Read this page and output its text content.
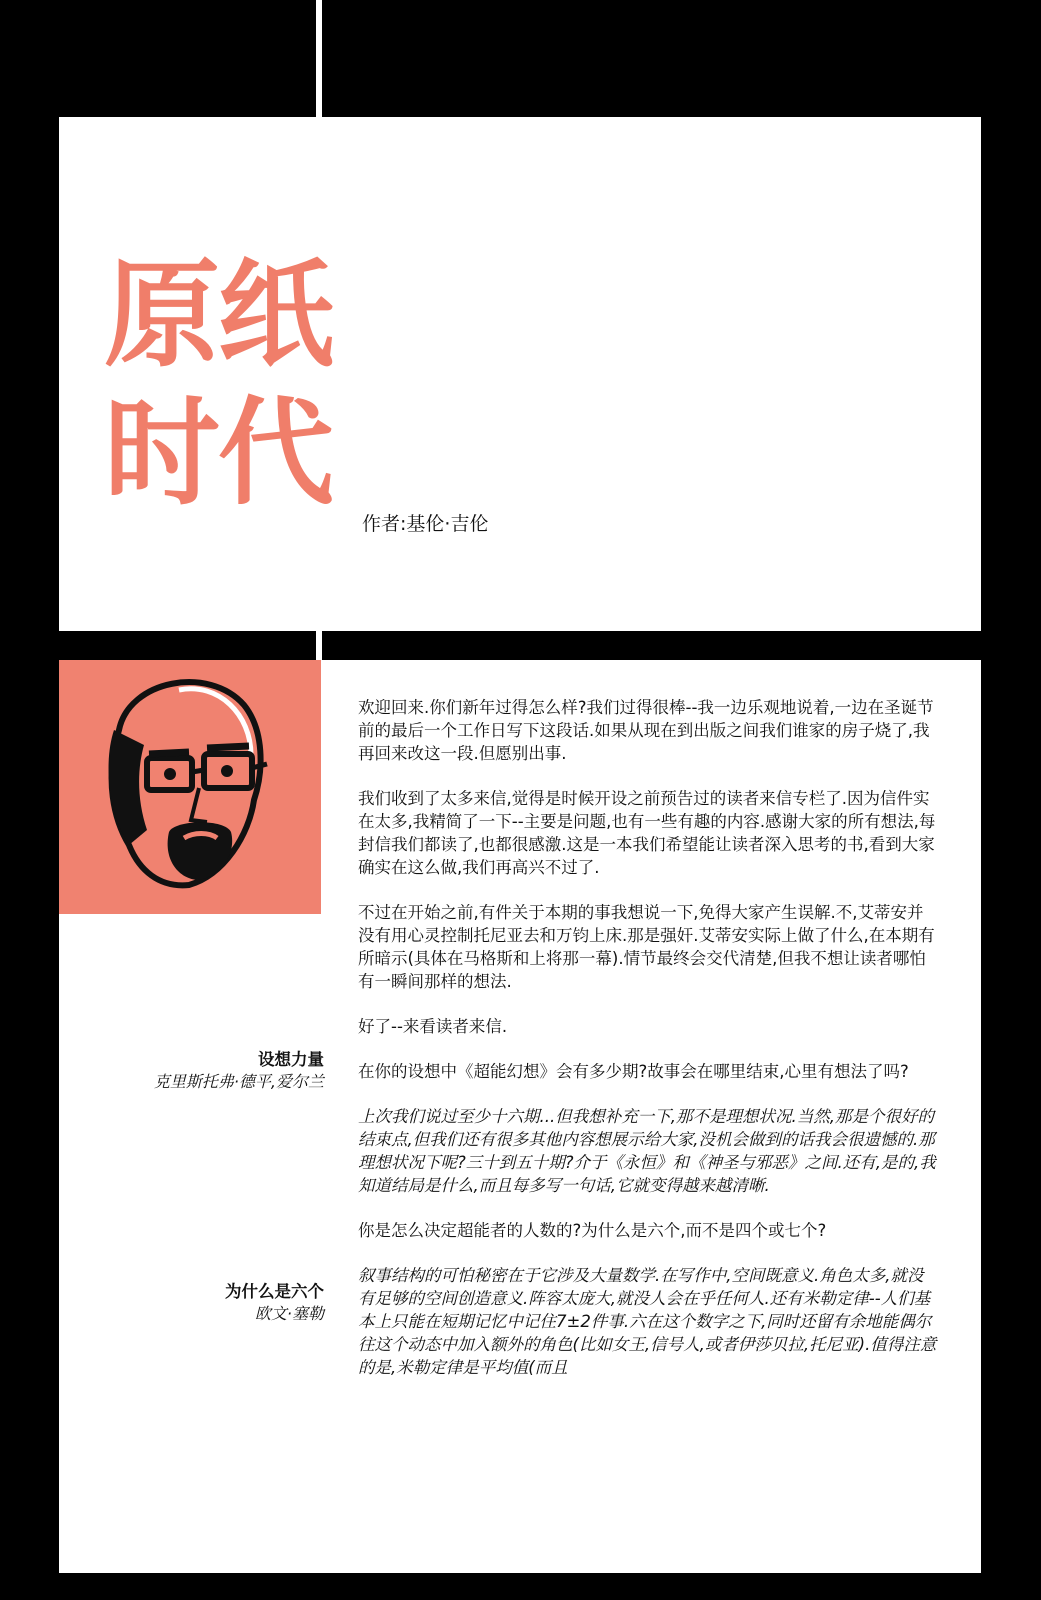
原纸
时代
作者:基伦·吉伦

欢迎回来.你们新年过得怎么样?我们过得很棒--我一边乐观地说着,一边在圣诞节前的最后一个工作日写下这段话.如果从现在到出版之间我们谁家的房子烧了,我再回来改这一段.但愿别出事.

我们收到了太多来信,觉得是时候开设之前预告过的读者来信专栏了.因为信件实在太多,我精简了一下--主要是问题,也有一些有趣的内容.感谢大家的所有想法,每封信我们都读了,也都很感激.这是一本我们希望能让读者深入思考的书,看到大家确实在这么做,我们再高兴不过了.

不过在开始之前,有件关于本期的事我想说一下,免得大家产生误解.不,艾蒂安并没有用心灵控制托尼亚去和万钧上床.那是强奸.艾蒂安实际上做了什么,在本期有所暗示(具体在马格斯和上将那一幕).情节最终会交代清楚,但我不想让读者哪怕有一瞬间那样的想法.

好了--来看读者来信.

在你的设想中《超能幻想》会有多少期?故事会在哪里结束,心里有想法了吗?

上次我们说过至少十六期...但我想补充一下,那不是理想状况.当然,那是个很好的结束点,但我们还有很多其他内容想展示给大家,没机会做到的话我会很遗憾的.那理想状况下呢?三十到五十期?介于《永恒》和《神圣与邪恶》之间.还有,是的,我知道结局是什么,而且每多写一句话,它就变得越来越清晰.

你是怎么决定超能者的人数的?为什么是六个,而不是四个或七个?

叙事结构的可怕秘密在于它涉及大量数学.在写作中,空间既意义.角色太多,就没有足够的空间创造意义.阵容太庞大,就没人会在乎任何人.还有米勒定律--人们基本上只能在短期记忆中记住7±2件事.六在这个数字之下,同时还留有余地能偶尔往这个动态中加入额外的角色(比如女王,信号人,或者伊莎贝拉,托尼亚).值得注意的是,米勒定律是平均值(而且

设想力量
克里斯托弗·德平,爱尔兰
为什么是六个
欧文·塞勒
